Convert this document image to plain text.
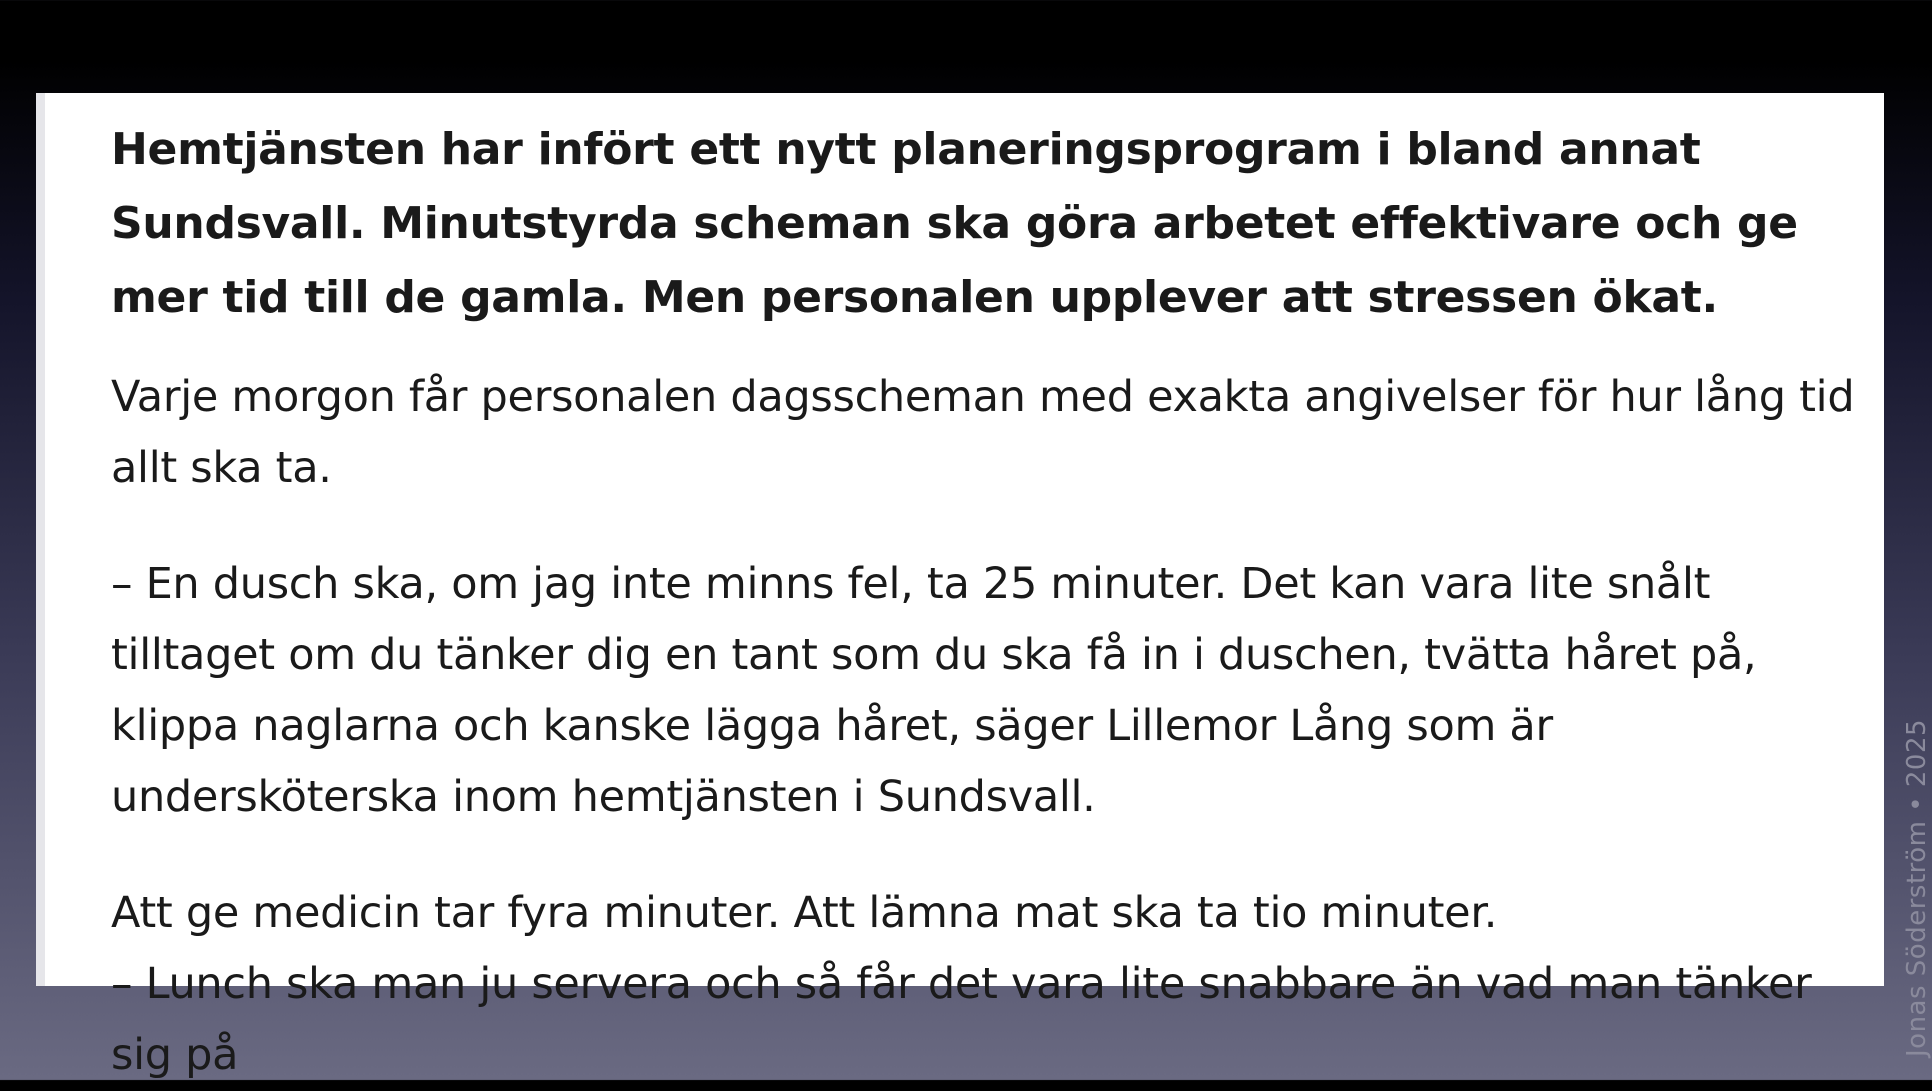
Hemtjänsten har infört ett nytt planeringsprogram i bland annat Sundsvall. Minutstyrda scheman ska göra arbetet effektivare och ge mer tid till de gamla. Men personalen upplever att stressen ökat.

Varje morgon får personalen dagsscheman med exakta angivelser för hur lång tid allt ska ta.

– En dusch ska, om jag inte minns fel, ta 25 minuter. Det kan vara lite snålt tilltaget om du tänker dig en tant som du ska få in i duschen, tvätta håret på, klippa naglarna och kanske lägga håret, säger Lillemor Lång som är undersköterska inom hemtjänsten i Sundsvall.

Att ge medicin tar fyra minuter. Att lämna mat ska ta tio minuter.

– Lunch ska man ju servera och så får det vara lite snabbare än vad man tänker sig på	Jonas Söderström • 2025
